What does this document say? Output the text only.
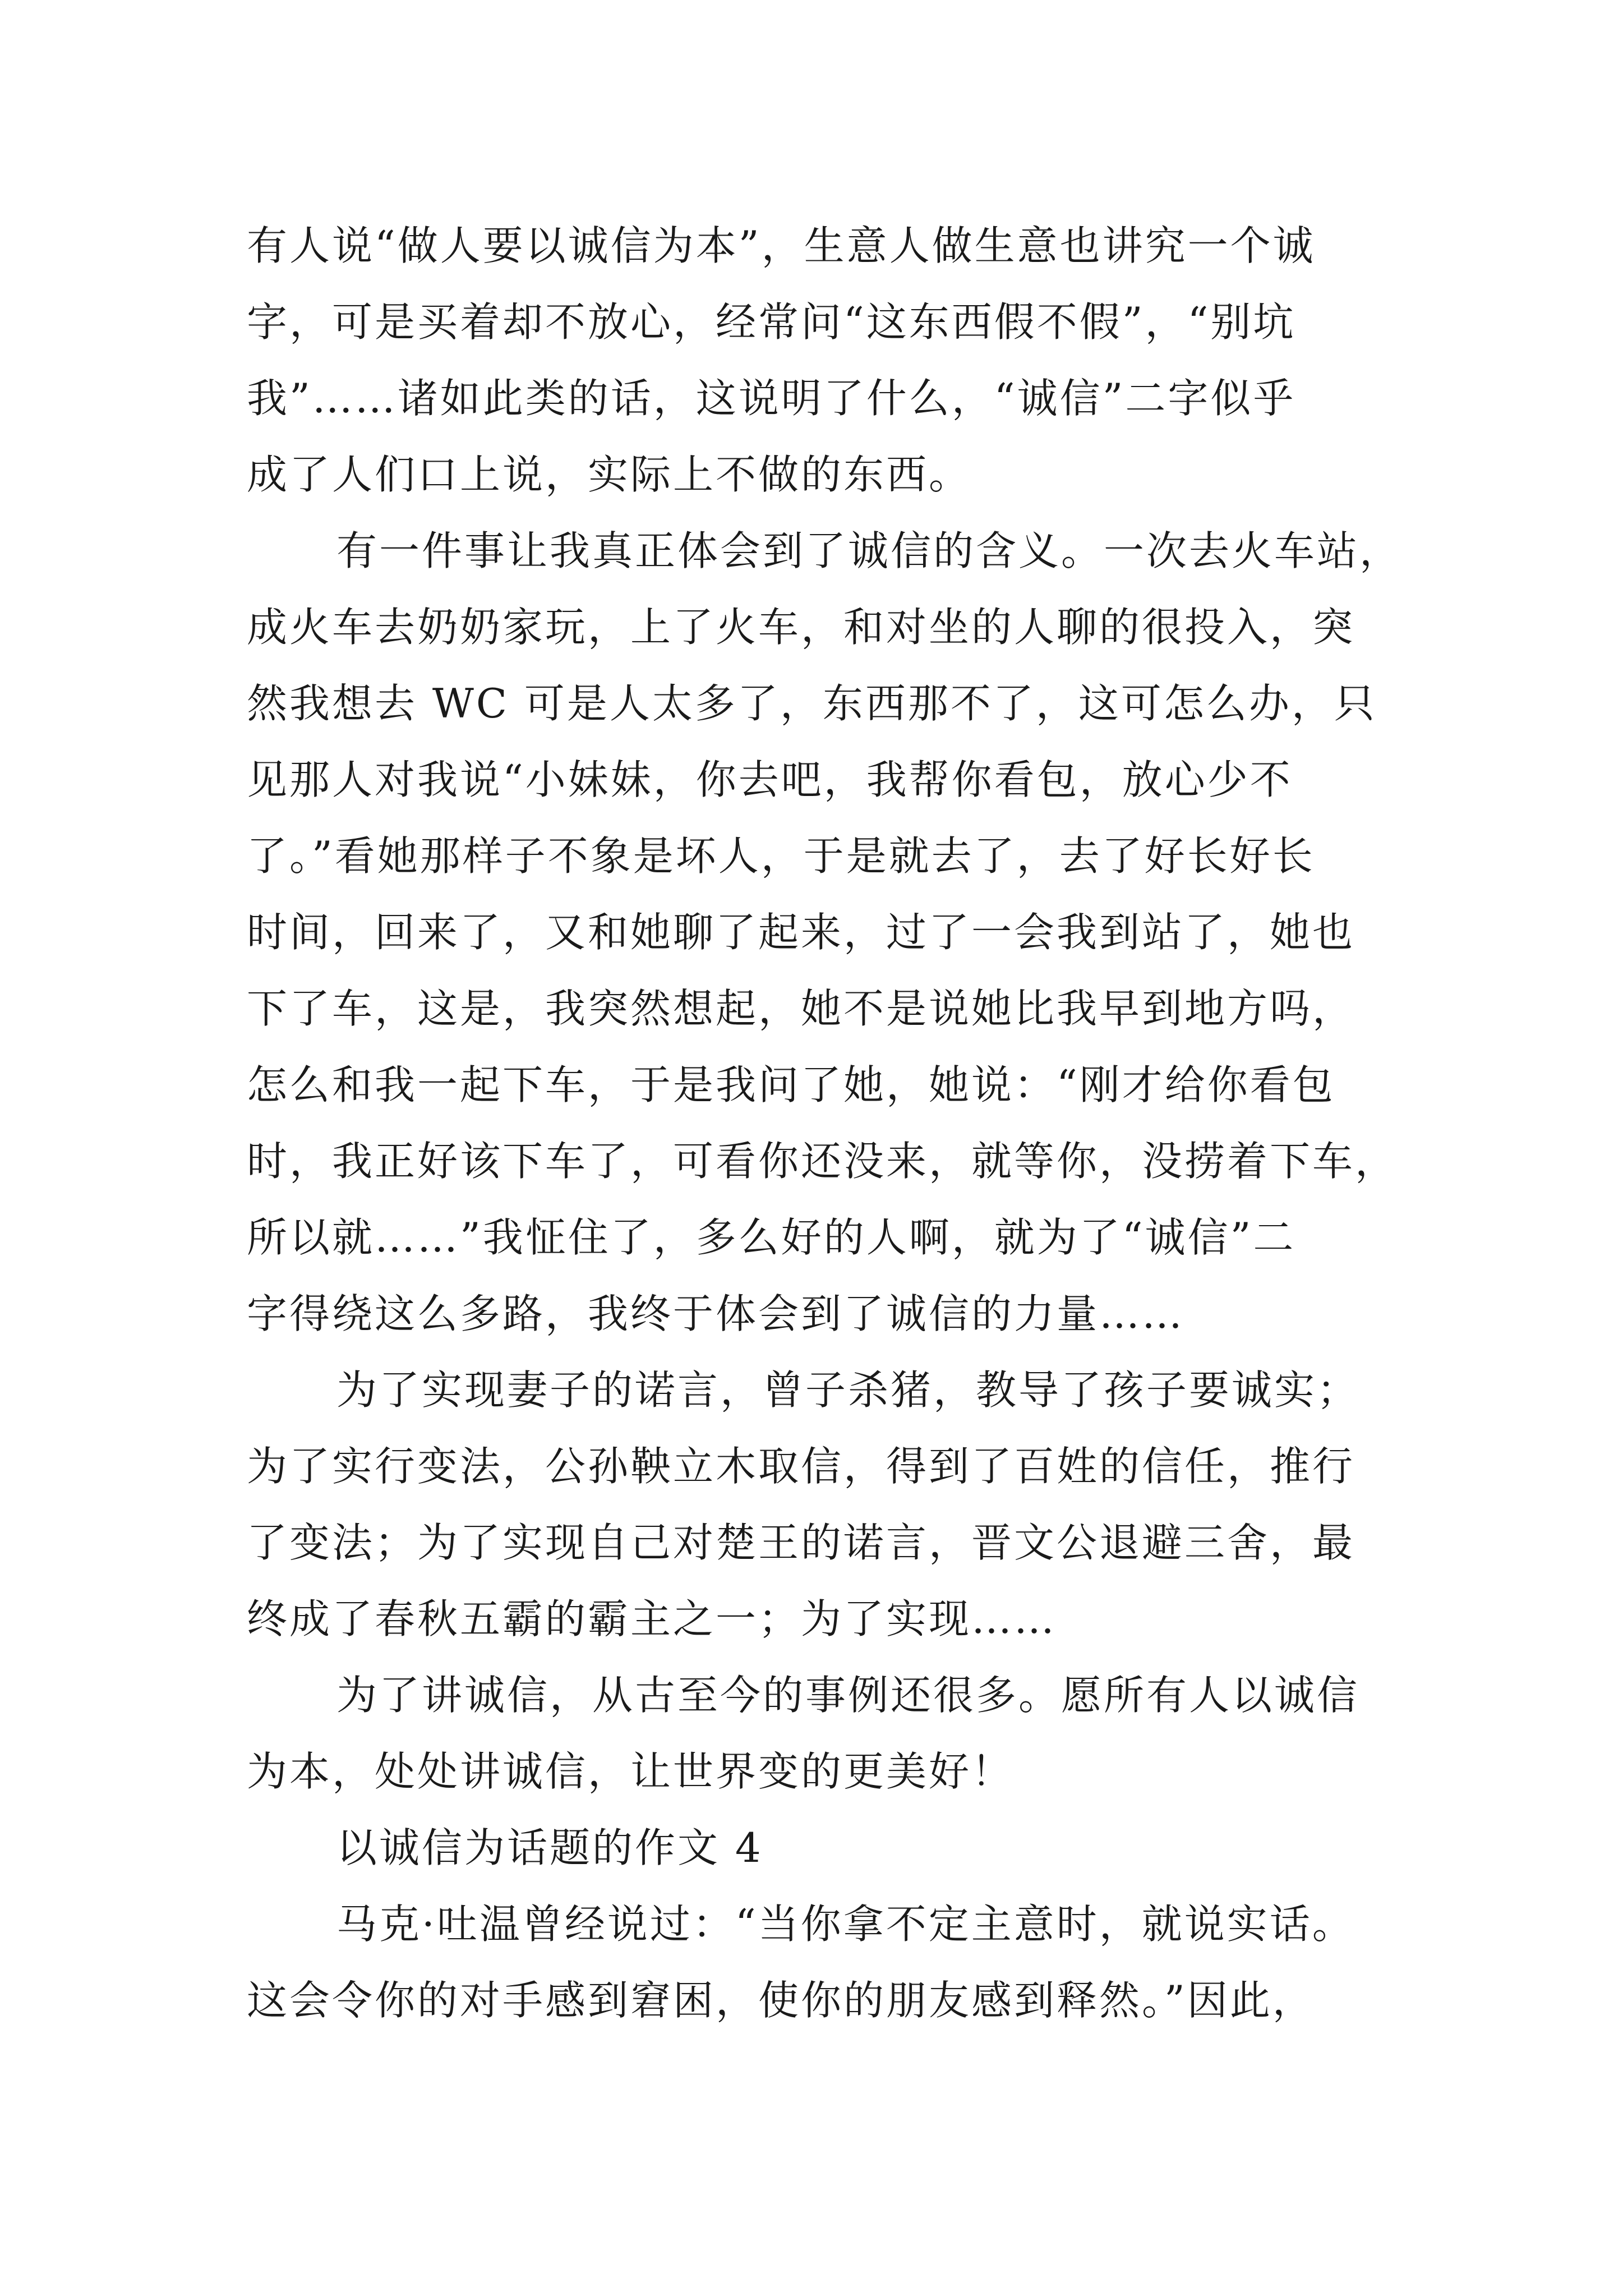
有人说“做人要以诚信为本”，生意人做生意也讲究一个诚
字，可是买着却不放心，经常问“这东西假不假”，“别坑
我”……诸如此类的话，这说明了什么，“诚信”二字似乎
成了人们口上说，实际上不做的东西。
有一件事让我真正体会到了诚信的含义。一次去火车站，
成火车去奶奶家玩，上了火车，和对坐的人聊的很投入，突
然我想去 WC 可是人太多了，东西那不了，这可怎么办，只
见那人对我说“小妹妹，你去吧，我帮你看包，放心少不
了。”看她那样子不象是坏人，于是就去了，去了好长好长
时间，回来了，又和她聊了起来，过了一会我到站了，她也
下了车，这是，我突然想起，她不是说她比我早到地方吗，
怎么和我一起下车，于是我问了她，她说：“刚才给你看包
时，我正好该下车了，可看你还没来，就等你，没捞着下车，
所以就……”我怔住了，多么好的人啊，就为了“诚信”二
字得绕这么多路，我终于体会到了诚信的力量……
为了实现妻子的诺言，曾子杀猪，教导了孩子要诚实；
为了实行变法，公孙鞅立木取信，得到了百姓的信任，推行
了变法；为了实现自己对楚王的诺言，晋文公退避三舍，最
终成了春秋五霸的霸主之一；为了实现……
为了讲诚信，从古至今的事例还很多。愿所有人以诚信
为本，处处讲诚信，让世界变的更美好！
以诚信为话题的作文 4
马克·吐温曾经说过：“当你拿不定主意时，就说实话。
这会令你的对手感到窘困，使你的朋友感到释然。”因此，
